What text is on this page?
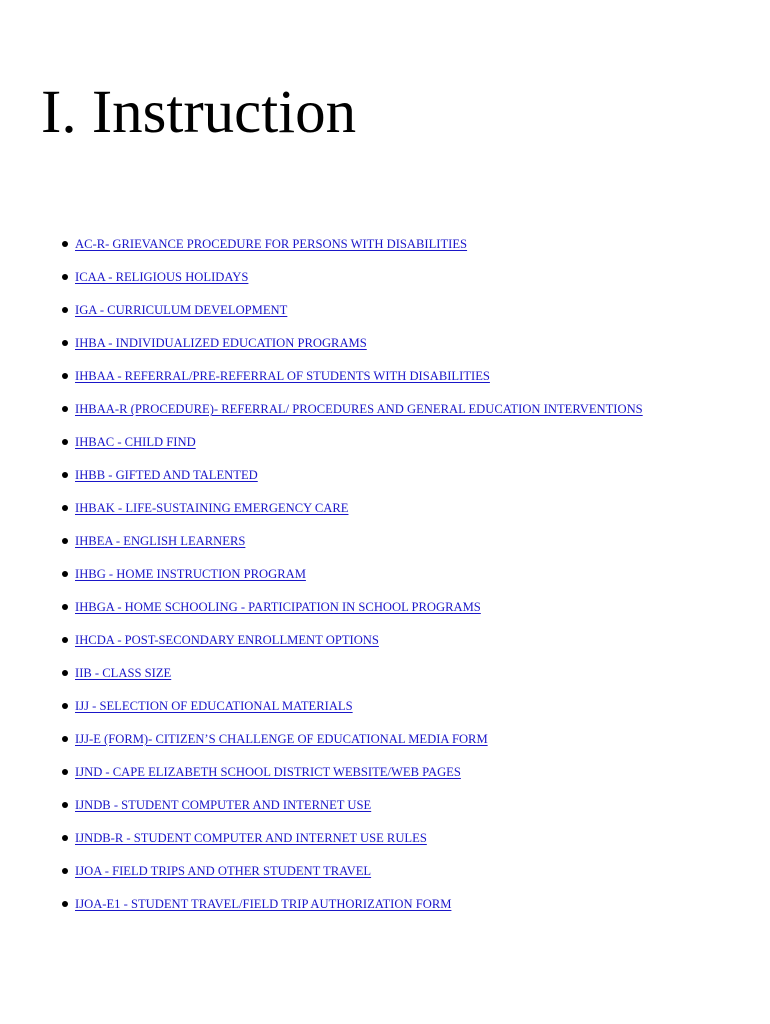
I. Instruction
AC-R- GRIEVANCE PROCEDURE FOR PERSONS WITH DISABILITIES
ICAA - RELIGIOUS HOLIDAYS
IGA - CURRICULUM DEVELOPMENT
IHBA - INDIVIDUALIZED EDUCATION PROGRAMS
IHBAA - REFERRAL/PRE-REFERRAL OF STUDENTS WITH DISABILITIES
IHBAA-R (PROCEDURE)- REFERRAL/ PROCEDURES AND GENERAL EDUCATION INTERVENTIONS
IHBAC - CHILD FIND
IHBB - GIFTED AND TALENTED
IHBAK - LIFE-SUSTAINING EMERGENCY CARE
IHBEA - ENGLISH LEARNERS
IHBG - HOME INSTRUCTION PROGRAM
IHBGA - HOME SCHOOLING - PARTICIPATION IN SCHOOL PROGRAMS
IHCDA - POST-SECONDARY ENROLLMENT OPTIONS
IIB - CLASS SIZE
IJJ - SELECTION OF EDUCATIONAL MATERIALS
IJJ-E (FORM)- CITIZEN’S CHALLENGE OF EDUCATIONAL MEDIA FORM
IJND - CAPE ELIZABETH SCHOOL DISTRICT WEBSITE/WEB PAGES
IJNDB - STUDENT COMPUTER AND INTERNET USE
IJNDB-R - STUDENT COMPUTER AND INTERNET USE RULES
IJOA - FIELD TRIPS AND OTHER STUDENT TRAVEL
IJOA-E1 - STUDENT TRAVEL/FIELD TRIP AUTHORIZATION FORM
